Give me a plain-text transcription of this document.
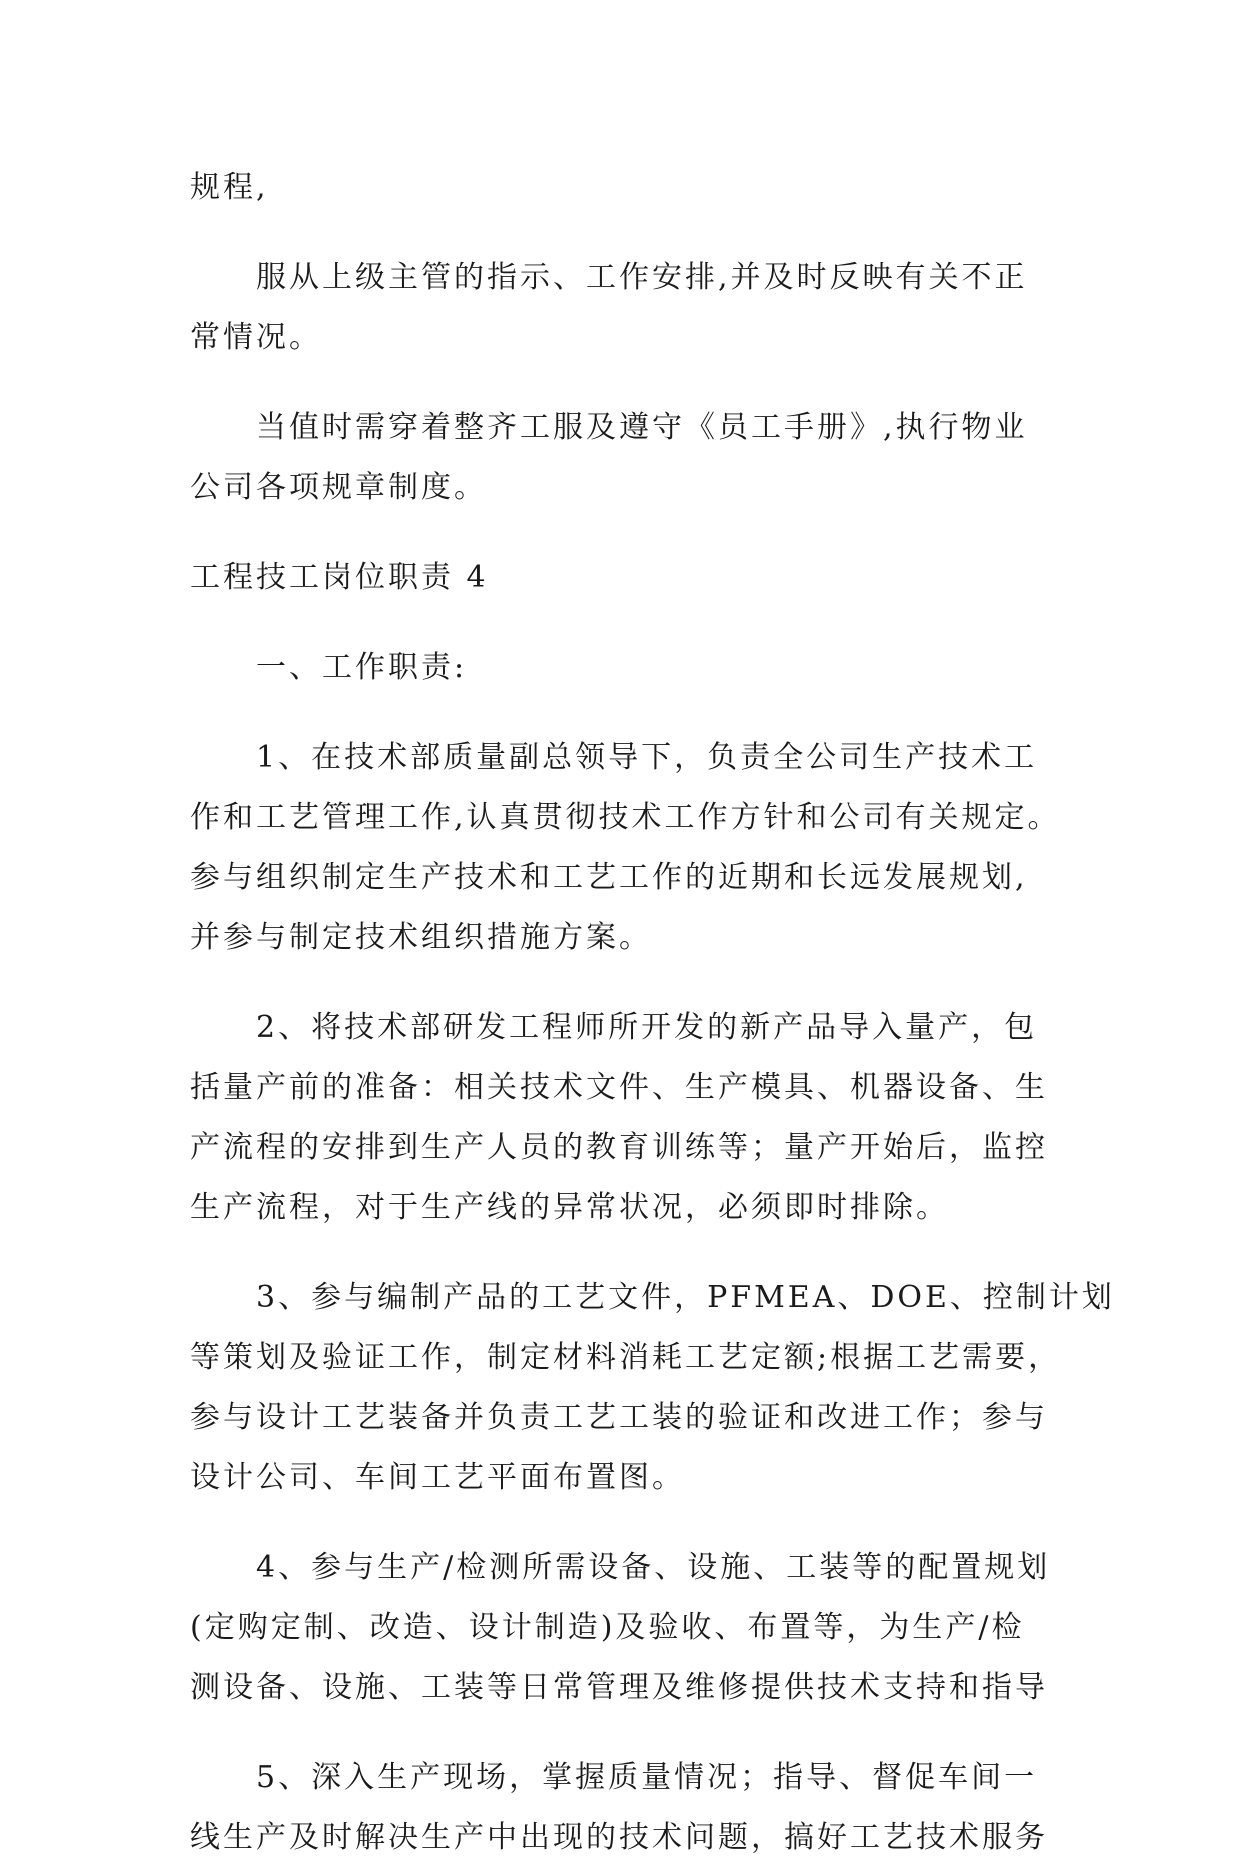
规程,
服从上级主管的指示、工作安排,并及时反映有关不正
常情况。
当值时需穿着整齐工服及遵守《员工手册》,执行物业
公司各项规章制度。
工程技工岗位职责 4
一、工作职责:
1、在技术部质量副总领导下，负责全公司生产技术工
作和工艺管理工作,认真贯彻技术工作方针和公司有关规定。
参与组织制定生产技术和工艺工作的近期和长远发展规划,
并参与制定技术组织措施方案。
2、将技术部研发工程师所开发的新产品导入量产，包
括量产前的准备：相关技术文件、生产模具、机器设备、生
产流程的安排到生产人员的教育训练等；量产开始后，监控
生产流程，对于生产线的异常状况，必须即时排除。
3、参与编制产品的工艺文件，PFMEA、DOE、控制计划
等策划及验证工作，制定材料消耗工艺定额;根据工艺需要，
参与设计工艺装备并负责工艺工装的验证和改进工作；参与
设计公司、车间工艺平面布置图。
4、参与生产/检测所需设备、设施、工装等的配置规划
(定购定制、改造、设计制造)及验收、布置等，为生产/检
测设备、设施、工装等日常管理及维修提供技术支持和指导
5、深入生产现场，掌握质量情况；指导、督促车间一
线生产及时解决生产中出现的技术问题，搞好工艺技术服务
